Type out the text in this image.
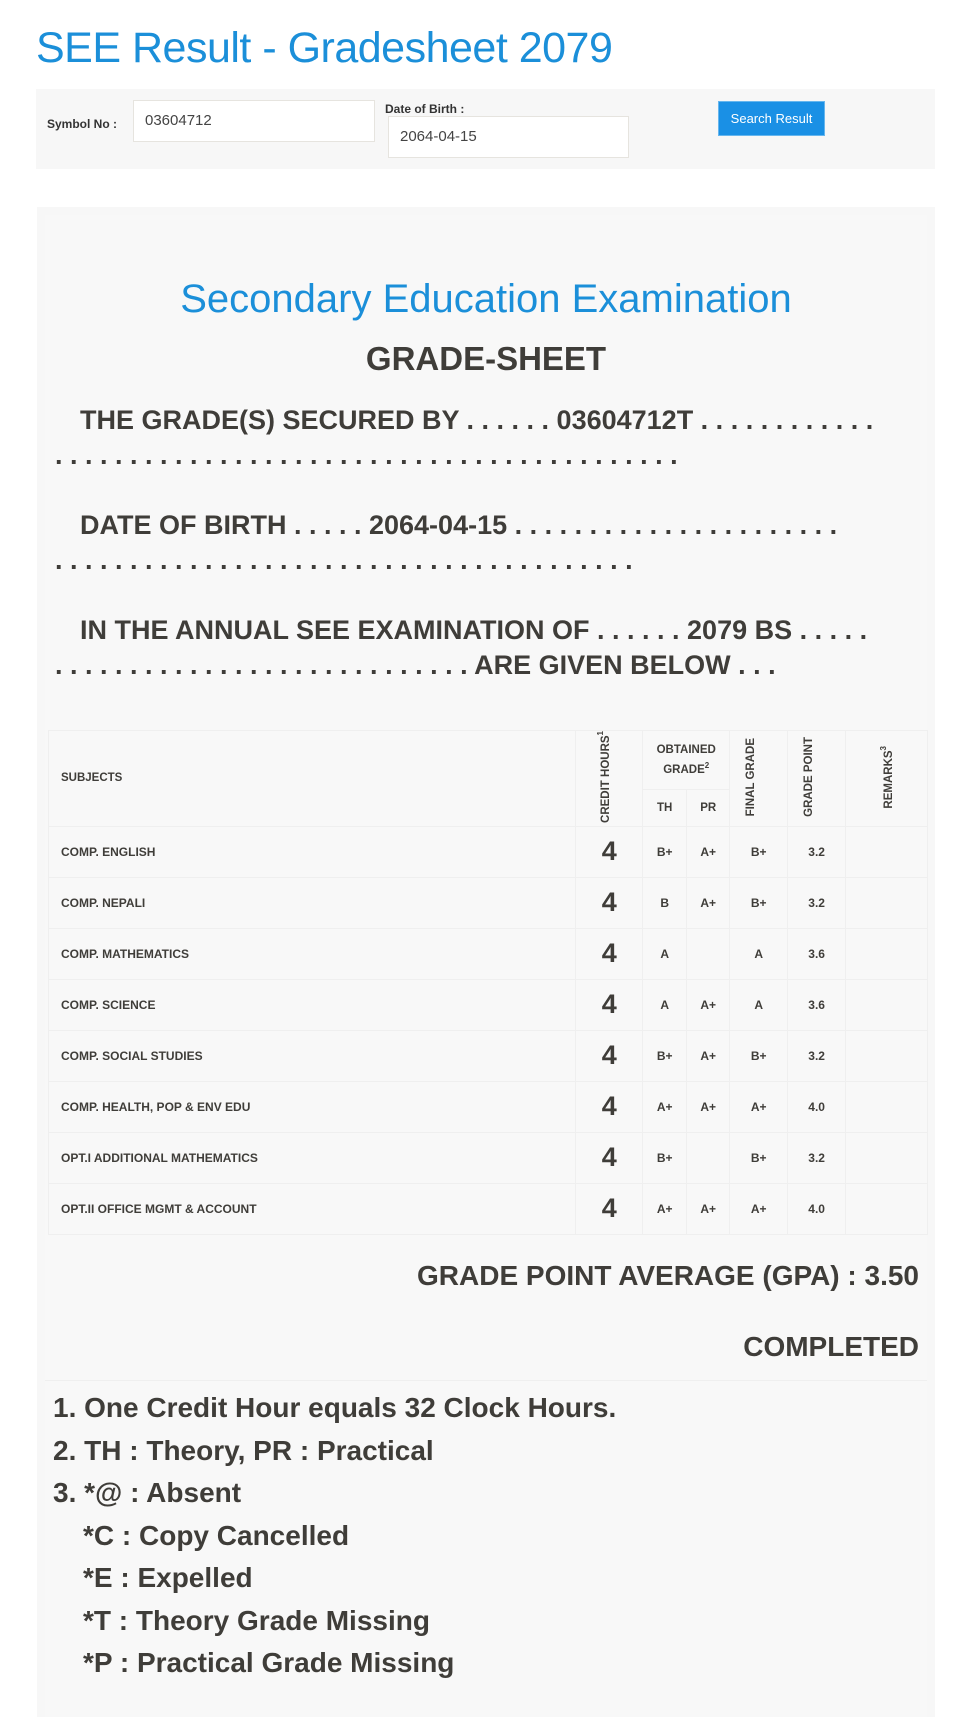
SEE Result - Gradesheet 2079
Symbol No :	03604712
Date of Birth :
2064-04-15
Search Result
Secondary Education Examination
GRADE-SHEET
THE GRADE(S) SECURED BY . . . . . . 03604712T . . . . . . . . . . . .
. . . . . . . . . . . . . . . . . . . . . . . . . . . . . . . . . . . . . . . . . .
DATE OF BIRTH . . . . . 2064-04-15 . . . . . . . . . . . . . . . . . . . . . .
. . . . . . . . . . . . . . . . . . . . . . . . . . . . . . . . . . . . . . .
IN THE ANNUAL SEE EXAMINATION OF . . . . . . 2079 BS . . . . .
. . . . . . . . . . . . . . . . . . . . . . . . . . . . ARE GIVEN BELOW . . .
SUBJECTS	CREDIT HOURS$^1$	OBTAINED GRADE$^2$		FINAL GRADE	GRADE POINT	REMARKS$^3$
		TH	PR			
COMP. ENGLISH	4	B+	A+	B+	3.2	
COMP. NEPALI	4	B	A+	B+	3.2	
COMP. MATHEMATICS	4	A		A	3.6	
COMP. SCIENCE	4	A	A+	A	3.6	
COMP. SOCIAL STUDIES	4	B+	A+	B+	3.2	
COMP. HEALTH, POP & ENV EDU	4	A+	A+	A+	4.0	
OPT.I ADDITIONAL MATHEMATICS	4	B+		B+	3.2	
OPT.II OFFICE MGMT & ACCOUNT	4	A+	A+	A+	4.0	
GRADE POINT AVERAGE (GPA) : 3.50
COMPLETED
1. One Credit Hour equals 32 Clock Hours.
2. TH : Theory, PR : Practical
3. *@ : Absent
*C : Copy Cancelled
*E : Expelled
*T : Theory Grade Missing
*P : Practical Grade Missing
